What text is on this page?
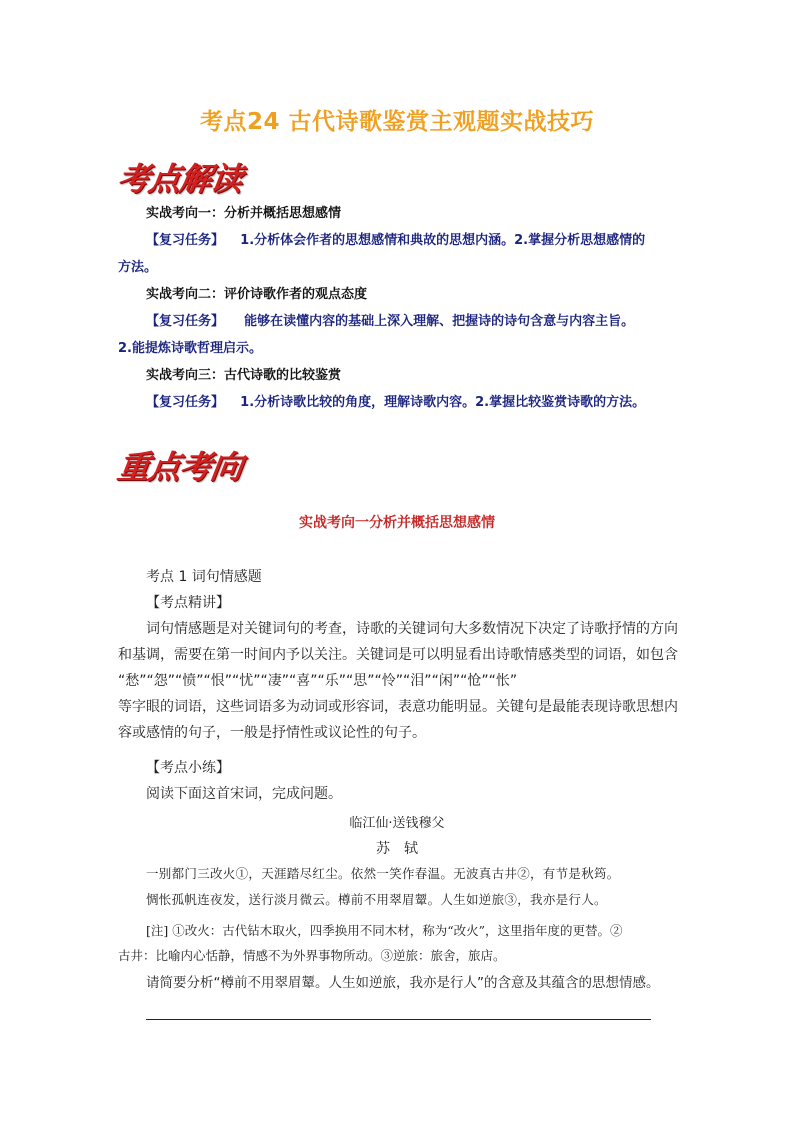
考点24 古代诗歌鉴赏主观题实战技巧
考点解读
实战考向一：分析并概括思想感情
【复习任务】 1.分析体会作者的思想感情和典故的思想内涵。2.掌握分析思想感情的
方法。
实战考向二：评价诗歌作者的观点态度
【复习任务】 能够在读懂内容的基础上深入理解、把握诗的诗句含意与内容主旨。
2.能提炼诗歌哲理启示。
实战考向三：古代诗歌的比较鉴赏
【复习任务】 1.分析诗歌比较的角度，理解诗歌内容。2.掌握比较鉴赏诗歌的方法。
重点考向
实战考向一分析并概括思想感情
考点 1 词句情感题
【考点精讲】
词句情感题是对关键词句的考查，诗歌的关键词句大多数情况下决定了诗歌抒情的方向
和基调，需要在第一时间内予以关注。关键词是可以明显看出诗歌情感类型的词语，如包含
“愁”“怨”“愤”“恨”“忧”“凄”“喜”“乐”“思”“怜”“泪”“闲”“怆”“怅”
等字眼的词语，这些词语多为动词或形容词，表意功能明显。关键句是最能表现诗歌思想内
容或感情的句子，一般是抒情性或议论性的句子。
【考点小练】
阅读下面这首宋词，完成问题。
临江仙·送钱穆父
苏　轼
一别都门三改火①，天涯踏尽红尘。依然一笑作春温。无波真古井②，有节是秋筠。
惆怅孤帆连夜发，送行淡月微云。樽前不用翠眉颦。人生如逆旅③，我亦是行人。
[注] ①改火：古代钻木取火，四季换用不同木材，称为“改火”，这里指年度的更替。②
古井：比喻内心恬静，情感不为外界事物所动。③逆旅：旅舍，旅店。
请简要分析“樽前不用翠眉颦。人生如逆旅，我亦是行人”的含意及其蕴含的思想情感。
